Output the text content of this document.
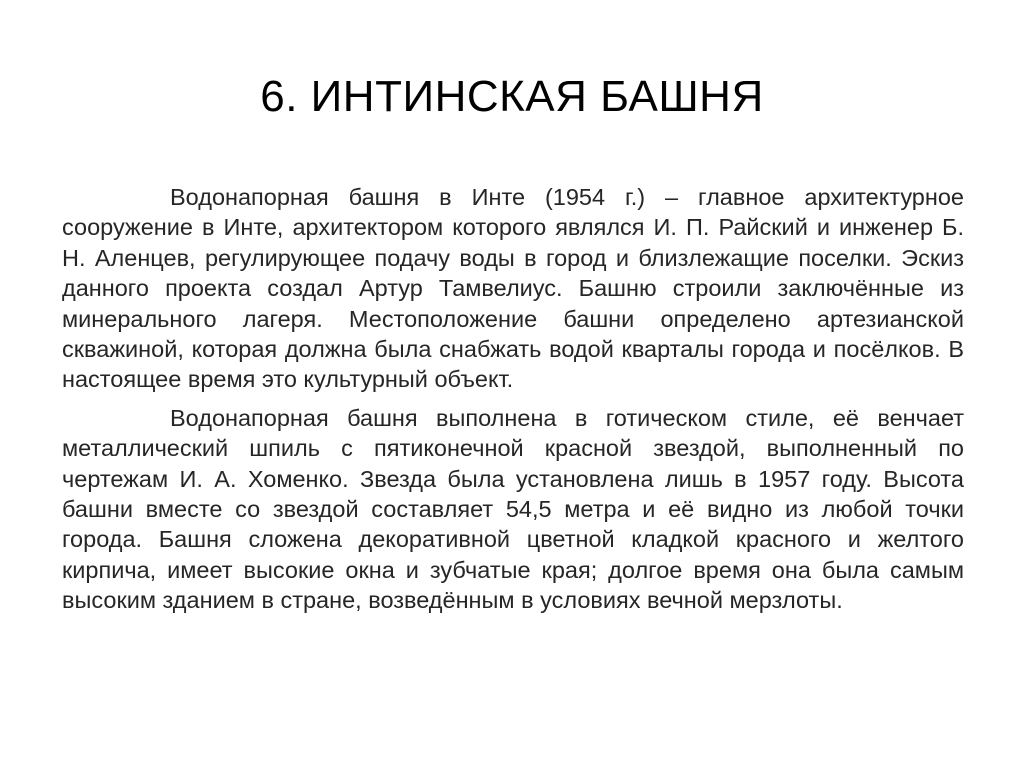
6. ИНТИНСКАЯ БАШНЯ

Водонапорная башня в Инте (1954 г.) – главное архитектурное сооружение в Инте, архитектором которого являлся И. П. Райский и инженер Б. Н. Аленцев, регулирующее подачу воды в город и близлежащие поселки. Эскиз данного проекта создал Артур Тамвелиус. Башню строили заключённые из минерального лагеря. Местоположение башни определено артезианской скважиной, которая должна была снабжать водой кварталы города и посёлков. В настоящее время это культурный объект.

Водонапорная башня выполнена в готическом стиле, её венчает металлический шпиль с пятиконечной красной звездой, выполненный по чертежам И. А. Хоменко. Звезда была установлена лишь в 1957 году. Высота башни вместе со звездой составляет 54,5 метра и её видно из любой точки города. Башня сложена декоративной цветной кладкой красного и желтого кирпича, имеет высокие окна и зубчатые края; долгое время она была самым высоким зданием в стране, возведённым в условиях вечной мерзлоты.
